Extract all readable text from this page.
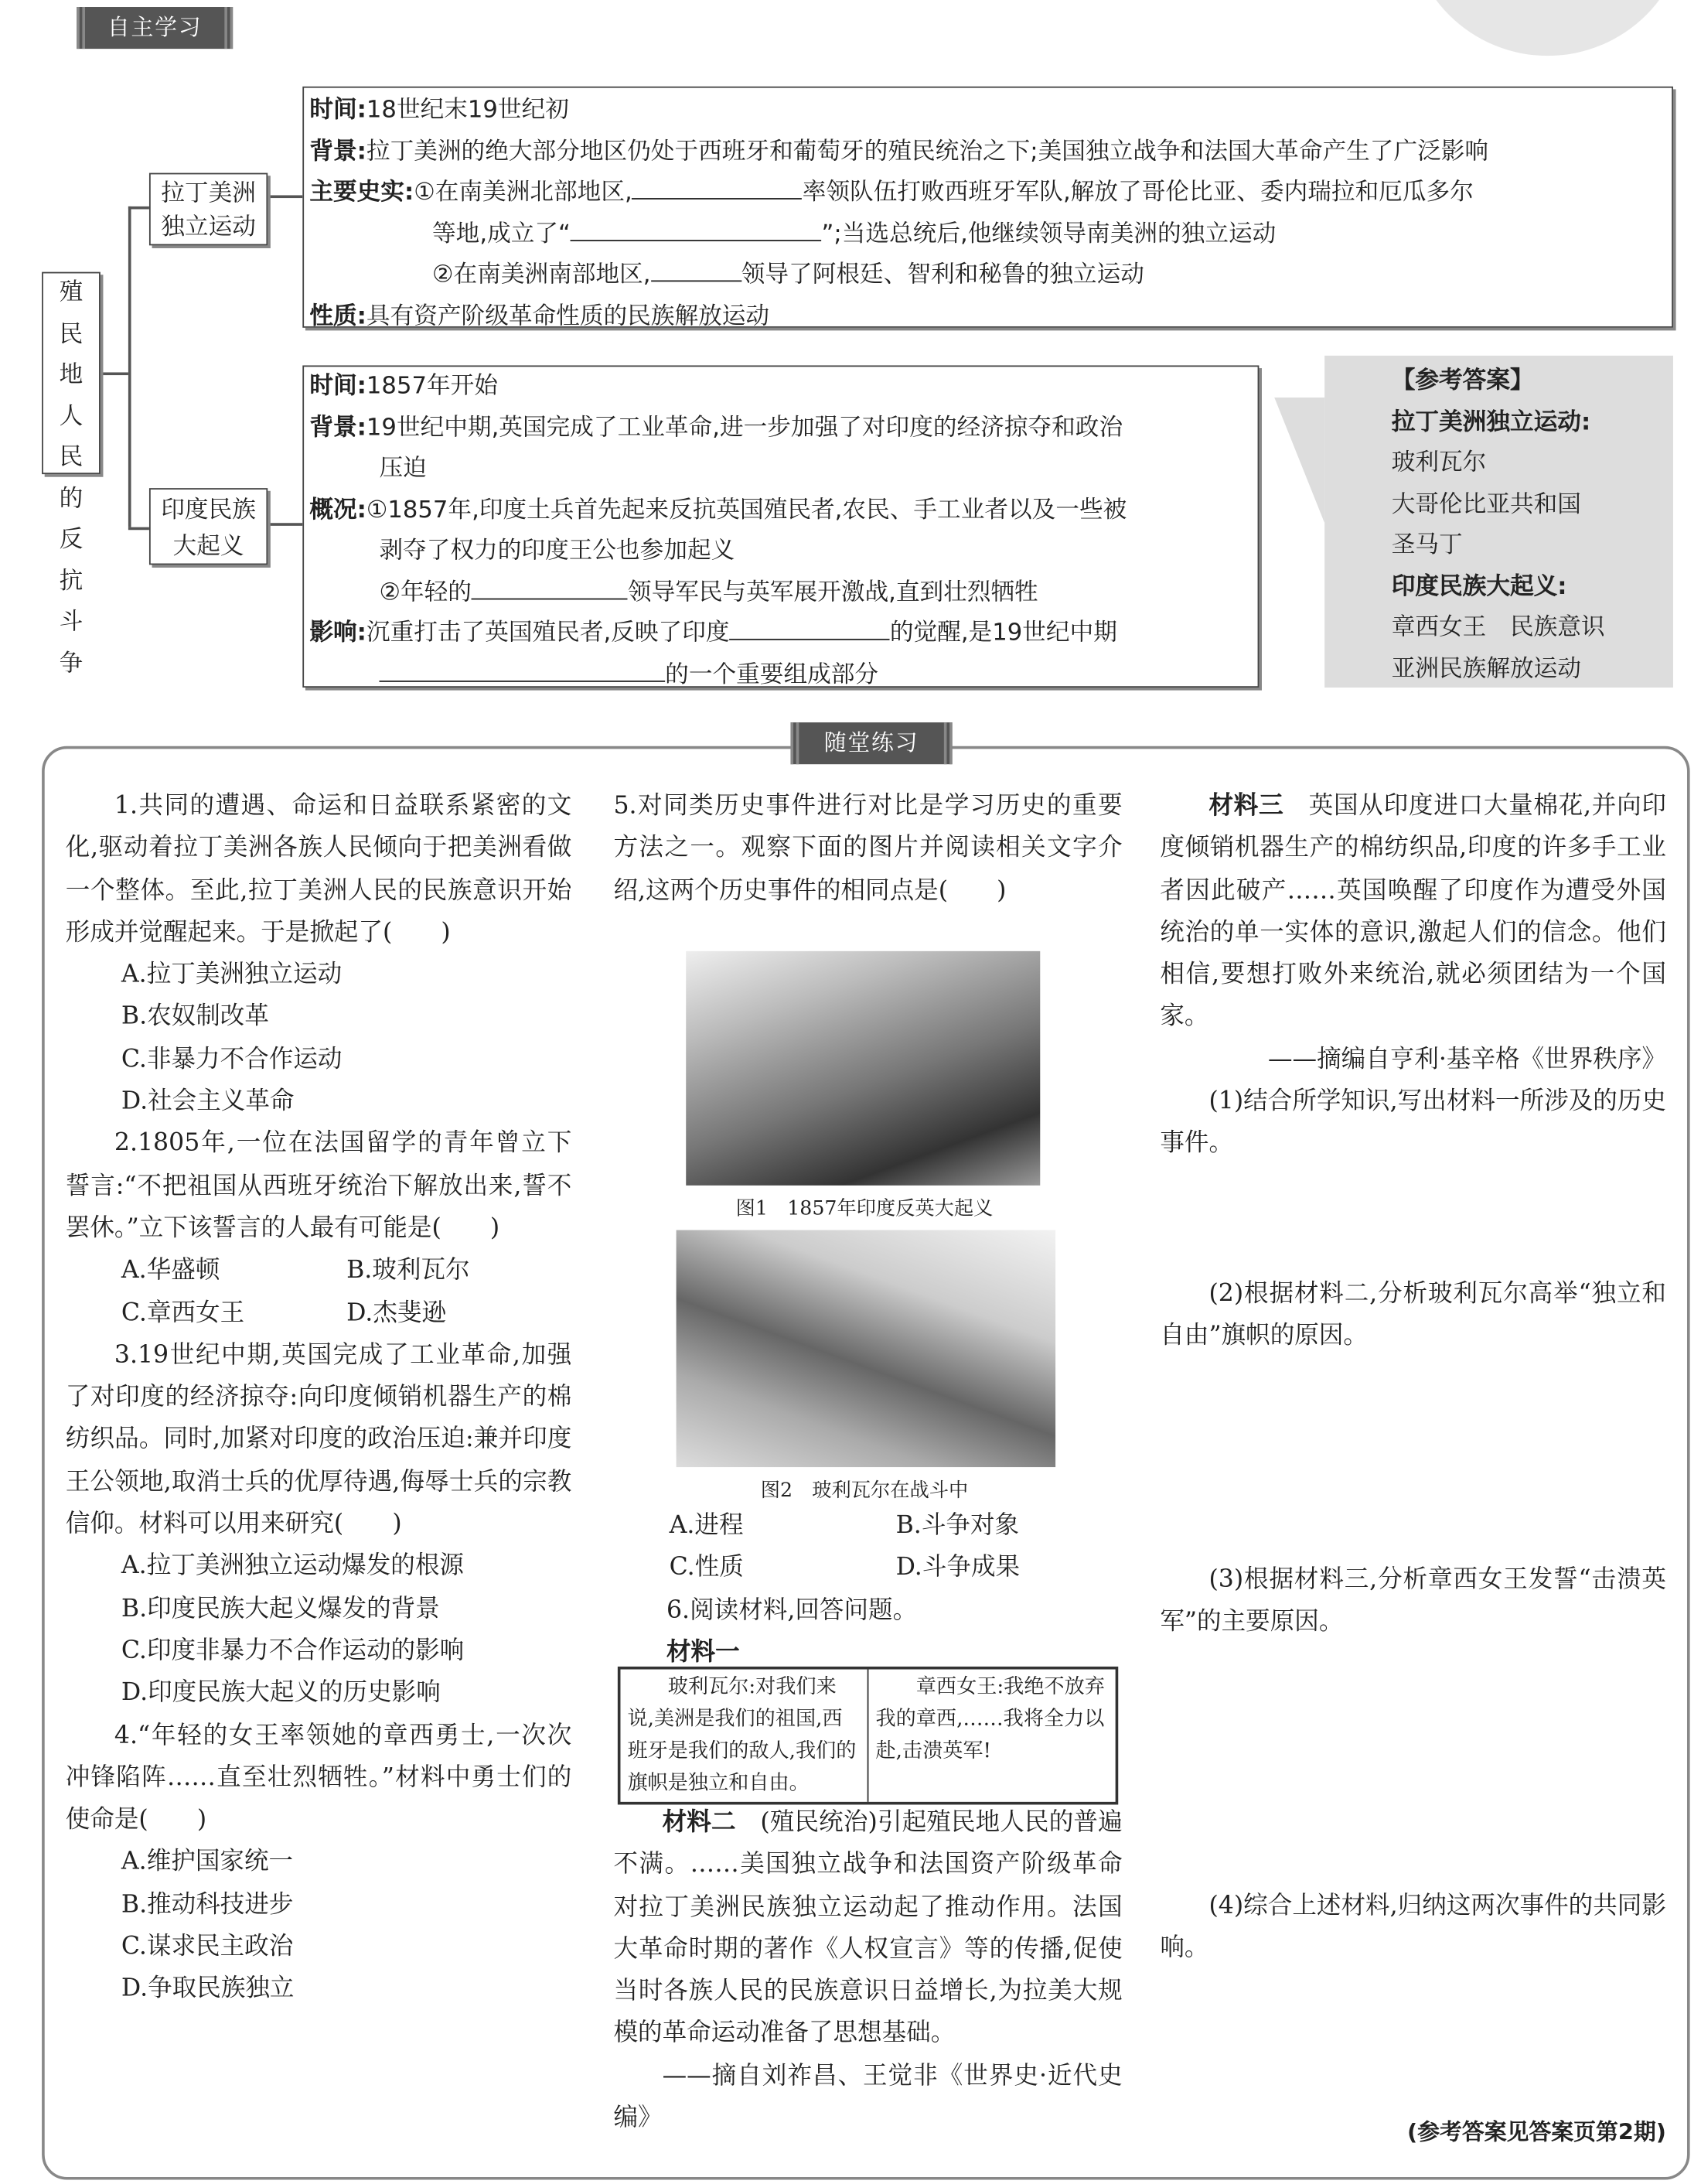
自主学习
殖民地人民的反抗斗争
拉丁美洲独立运动
印度民族大起义
时间:18世纪末19世纪初
背景:拉丁美洲的绝大部分地区仍处于西班牙和葡萄牙的殖民统治之下;美国独立战争和法国大革命产生了广泛影响
主要史实:①在南美洲北部地区,	率领队伍打败西班牙军队,解放了哥伦比亚、委内瑞拉和厄瓜多尔
等地,成立了“	”;当选总统后,他继续领导南美洲的独立运动
②在南美洲南部地区,	领导了阿根廷、智利和秘鲁的独立运动
性质:具有资产阶级革命性质的民族解放运动
时间:1857年开始
背景:19世纪中期,英国完成了工业革命,进一步加强了对印度的经济掠夺和政治
压迫
概况:①1857年,印度土兵首先起来反抗英国殖民者,农民、手工业者以及一些被
剥夺了权力的印度王公也参加起义
②年轻的	领导军民与英军展开激战,直到壮烈牺牲
影响:沉重打击了英国殖民者,反映了印度	的觉醒,是19世纪中期
的一个重要组成部分
【参考答案】
拉丁美洲独立运动:
玻利瓦尔
大哥伦比亚共和国
圣马丁
印度民族大起义:
章西女王　民族意识
亚洲民族解放运动
随堂练习

1.共同的遭遇、命运和日益联系紧密的文化,驱动着拉丁美洲各族人民倾向于把美洲看做一个整体。至此,拉丁美洲人民的民族意识开始形成并觉醒起来。于是掀起了(　　)

A.拉丁美洲独立运动

B.农奴制改革

C.非暴力不合作运动

D.社会主义革命

2.1805年,一位在法国留学的青年曾立下誓言:“不把祖国从西班牙统治下解放出来,誓不罢休。”立下该誓言的人最有可能是(　　)

A.华盛顿	B.玻利瓦尔
C.章西女王	D.杰斐逊

3.19世纪中期,英国完成了工业革命,加强了对印度的经济掠夺:向印度倾销机器生产的棉纺织品。同时,加紧对印度的政治压迫:兼并印度王公领地,取消士兵的优厚待遇,侮辱士兵的宗教信仰。材料可以用来研究(　　)

A.拉丁美洲独立运动爆发的根源

B.印度民族大起义爆发的背景

C.印度非暴力不合作运动的影响

D.印度民族大起义的历史影响

4.“年轻的女王率领她的章西勇士,一次次冲锋陷阵……直至壮烈牺牲。”材料中勇士们的使命是(　　)

A.维护国家统一

B.推动科技进步

C.谋求民主政治

D.争取民族独立

5.对同类历史事件进行对比是学习历史的重要方法之一。观察下面的图片并阅读相关文字介绍,这两个历史事件的相同点是(　　)
图1　1857年印度反英大起义
图2　玻利瓦尔在战斗中
A.进程	B.斗争对象
C.性质	D.斗争成果

6.阅读材料,回答问题。

材料一

玻利瓦尔:对我们来说,美洲是我们的祖国,西班牙是我们的敌人,我们的旗帜是独立和自由。
章西女王:我绝不放弃我的章西,……我将全力以赴,击溃英军!

材料二　(殖民统治)引起殖民地人民的普遍不满。……美国独立战争和法国资产阶级革命对拉丁美洲民族独立运动起了推动作用。法国大革命时期的著作《人权宣言》等的传播,促使当时各族人民的民族意识日益增长,为拉美大规模的革命运动准备了思想基础。

——摘自刘祚昌、王觉非《世界史·近代史编》

材料三　英国从印度进口大量棉花,并向印度倾销机器生产的棉纺织品,印度的许多手工业者因此破产……英国唤醒了印度作为遭受外国统治的单一实体的意识,激起人们的信念。他们相信,要想打败外来统治,就必须团结为一个国家。

——摘编自亨利·基辛格《世界秩序》

(1)结合所学知识,写出材料一所涉及的历史事件。

(2)根据材料二,分析玻利瓦尔高举“独立和自由”旗帜的原因。

(3)根据材料三,分析章西女王发誓“击溃英军”的主要原因。

(4)综合上述材料,归纳这两次事件的共同影响。

(参考答案见答案页第2期)
